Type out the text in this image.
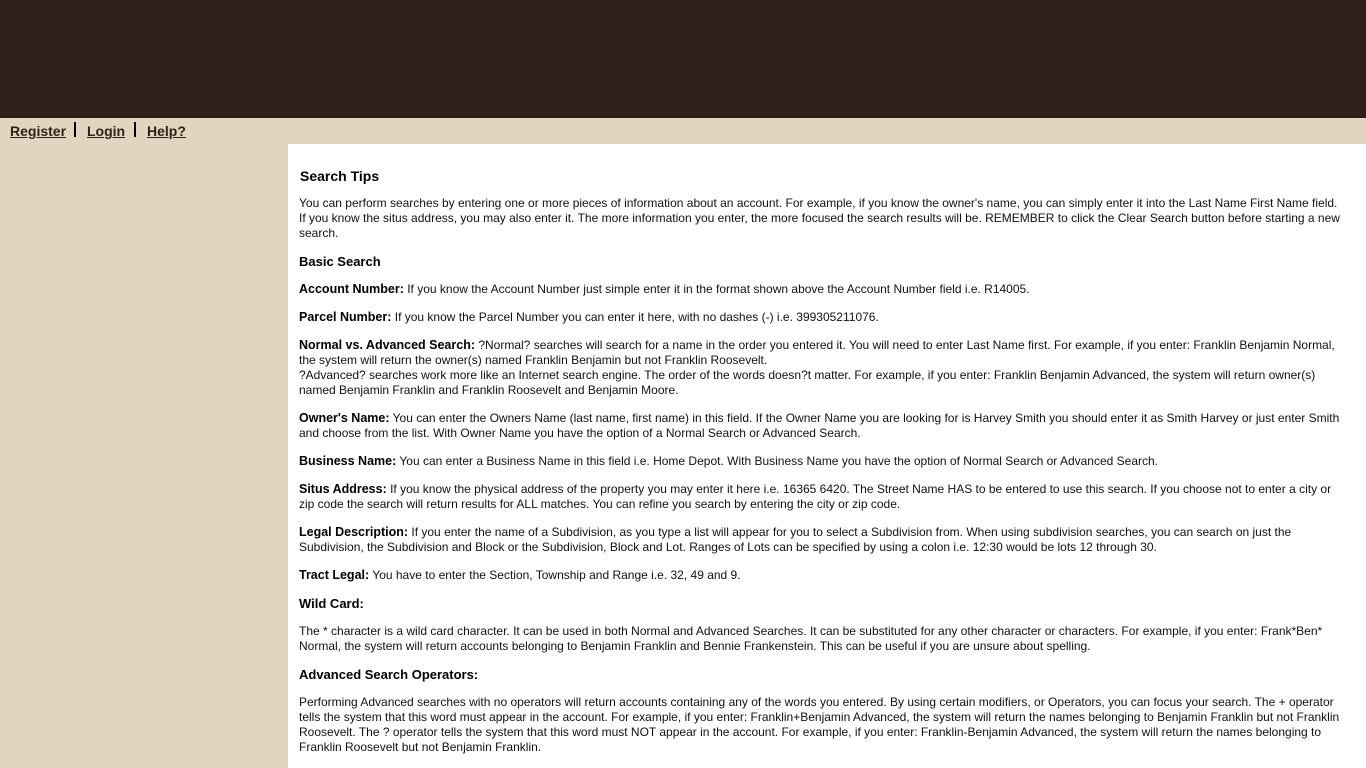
Register Login Help?
Search Tips

You can perform searches by entering one or more pieces of information about an account. For example, if you know the owner's name, you can simply enter it into the Last Name First Name field. If you know the situs address, you may also enter it. The more information you enter, the more focused the search results will be. REMEMBER to click the Clear Search button before starting a new search.

Basic Search

Account Number: If you know the Account Number just simple enter it in the format shown above the Account Number field i.e. R14005.

Parcel Number: If you know the Parcel Number you can enter it here, with no dashes (-) i.e. 399305211076.

Normal vs. Advanced Search: ?Normal? searches will search for a name in the order you entered it. You will need to enter Last Name first. For example, if you enter: Franklin Benjamin Normal, the system will return the owner(s) named Franklin Benjamin but not Franklin Roosevelt.
?Advanced? searches work more like an Internet search engine. The order of the words doesn?t matter. For example, if you enter: Franklin Benjamin Advanced, the system will return owner(s) named Benjamin Franklin and Franklin Roosevelt and Benjamin Moore.

Owner's Name: You can enter the Owners Name (last name, first name) in this field. If the Owner Name you are looking for is Harvey Smith you should enter it as Smith Harvey or just enter Smith and choose from the list. With Owner Name you have the option of a Normal Search or Advanced Search.

Business Name: You can enter a Business Name in this field i.e. Home Depot. With Business Name you have the option of Normal Search or Advanced Search.

Situs Address: If you know the physical address of the property you may enter it here i.e. 16365 6420. The Street Name HAS to be entered to use this search. If you choose not to enter a city or zip code the search will return results for ALL matches. You can refine you search by entering the city or zip code.

Legal Description: If you enter the name of a Subdivision, as you type a list will appear for you to select a Subdivision from. When using subdivision searches, you can search on just the Subdivision, the Subdivision and Block or the Subdivision, Block and Lot. Ranges of Lots can be specified by using a colon i.e. 12:30 would be lots 12 through 30.

Tract Legal: You have to enter the Section, Township and Range i.e. 32, 49 and 9.

Wild Card:

The * character is a wild card character. It can be used in both Normal and Advanced Searches. It can be substituted for any other character or characters. For example, if you enter: Frank*Ben* Normal, the system will return accounts belonging to Benjamin Franklin and Bennie Frankenstein. This can be useful if you are unsure about spelling.

Advanced Search Operators:

Performing Advanced searches with no operators will return accounts containing any of the words you entered. By using certain modifiers, or Operators, you can focus your search. The + operator tells the system that this word must appear in the account. For example, if you enter: Franklin+Benjamin Advanced, the system will return the names belonging to Benjamin Franklin but not Franklin Roosevelt. The ? operator tells the system that this word must NOT appear in the account. For example, if you enter: Franklin-Benjamin Advanced, the system will return the names belonging to Franklin Roosevelt but not Benjamin Franklin.
